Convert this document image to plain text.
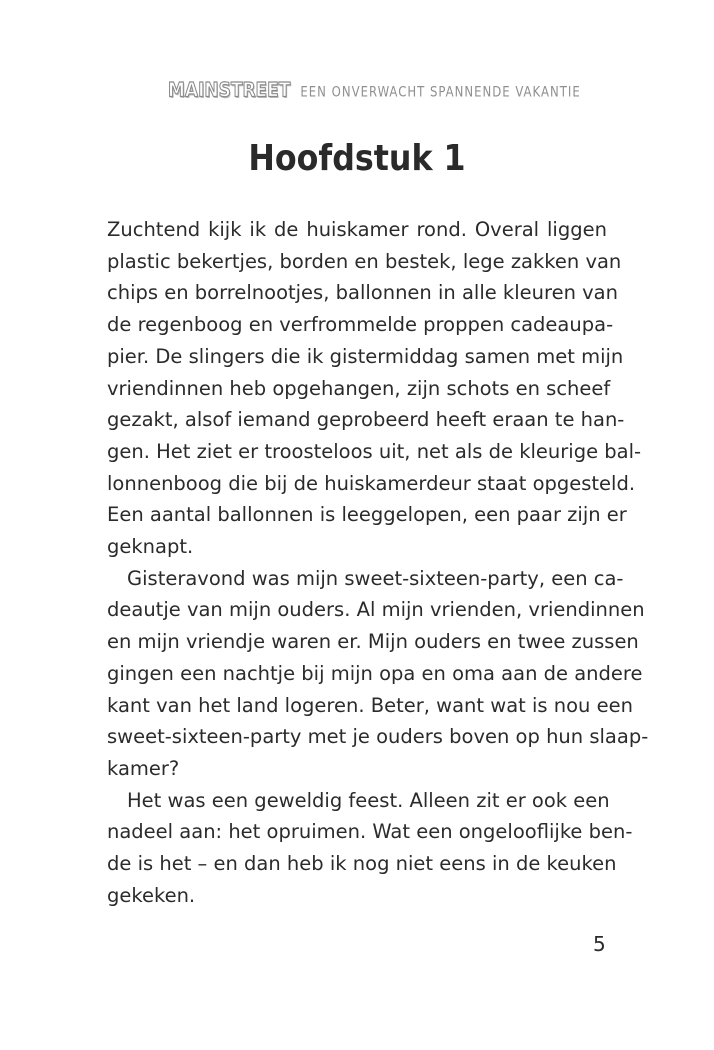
MAINSTREET EEN ONVERWACHT SPANNENDE VAKANTIE
Hoofdstuk 1

Zuchtend kijk ik de huiskamer rond. Overal liggen
plastic bekertjes, borden en bestek, lege zakken van
chips en borrelnootjes, ballonnen in alle kleuren van
de regenboog en verfrommelde proppen cadeaupa-
pier. De slingers die ik gistermiddag samen met mijn
vriendinnen heb opgehangen, zijn schots en scheef
gezakt, alsof iemand geprobeerd heeft eraan te han-
gen. Het ziet er troosteloos uit, net als de kleurige bal-
lonnenboog die bij de huiskamerdeur staat opgesteld.
Een aantal ballonnen is leeggelopen, een paar zijn er
geknapt.

Gisteravond was mijn sweet-sixteen-party, een ca-
deautje van mijn ouders. Al mijn vrienden, vriendinnen
en mijn vriendje waren er. Mijn ouders en twee zussen
gingen een nachtje bij mijn opa en oma aan de andere
kant van het land logeren. Beter, want wat is nou een
sweet-sixteen-party met je ouders boven op hun slaap-
kamer?

Het was een geweldig feest. Alleen zit er ook een
nadeel aan: het opruimen. Wat een ongelooflijke ben-
de is het – en dan heb ik nog niet eens in de keuken
gekeken.

5
